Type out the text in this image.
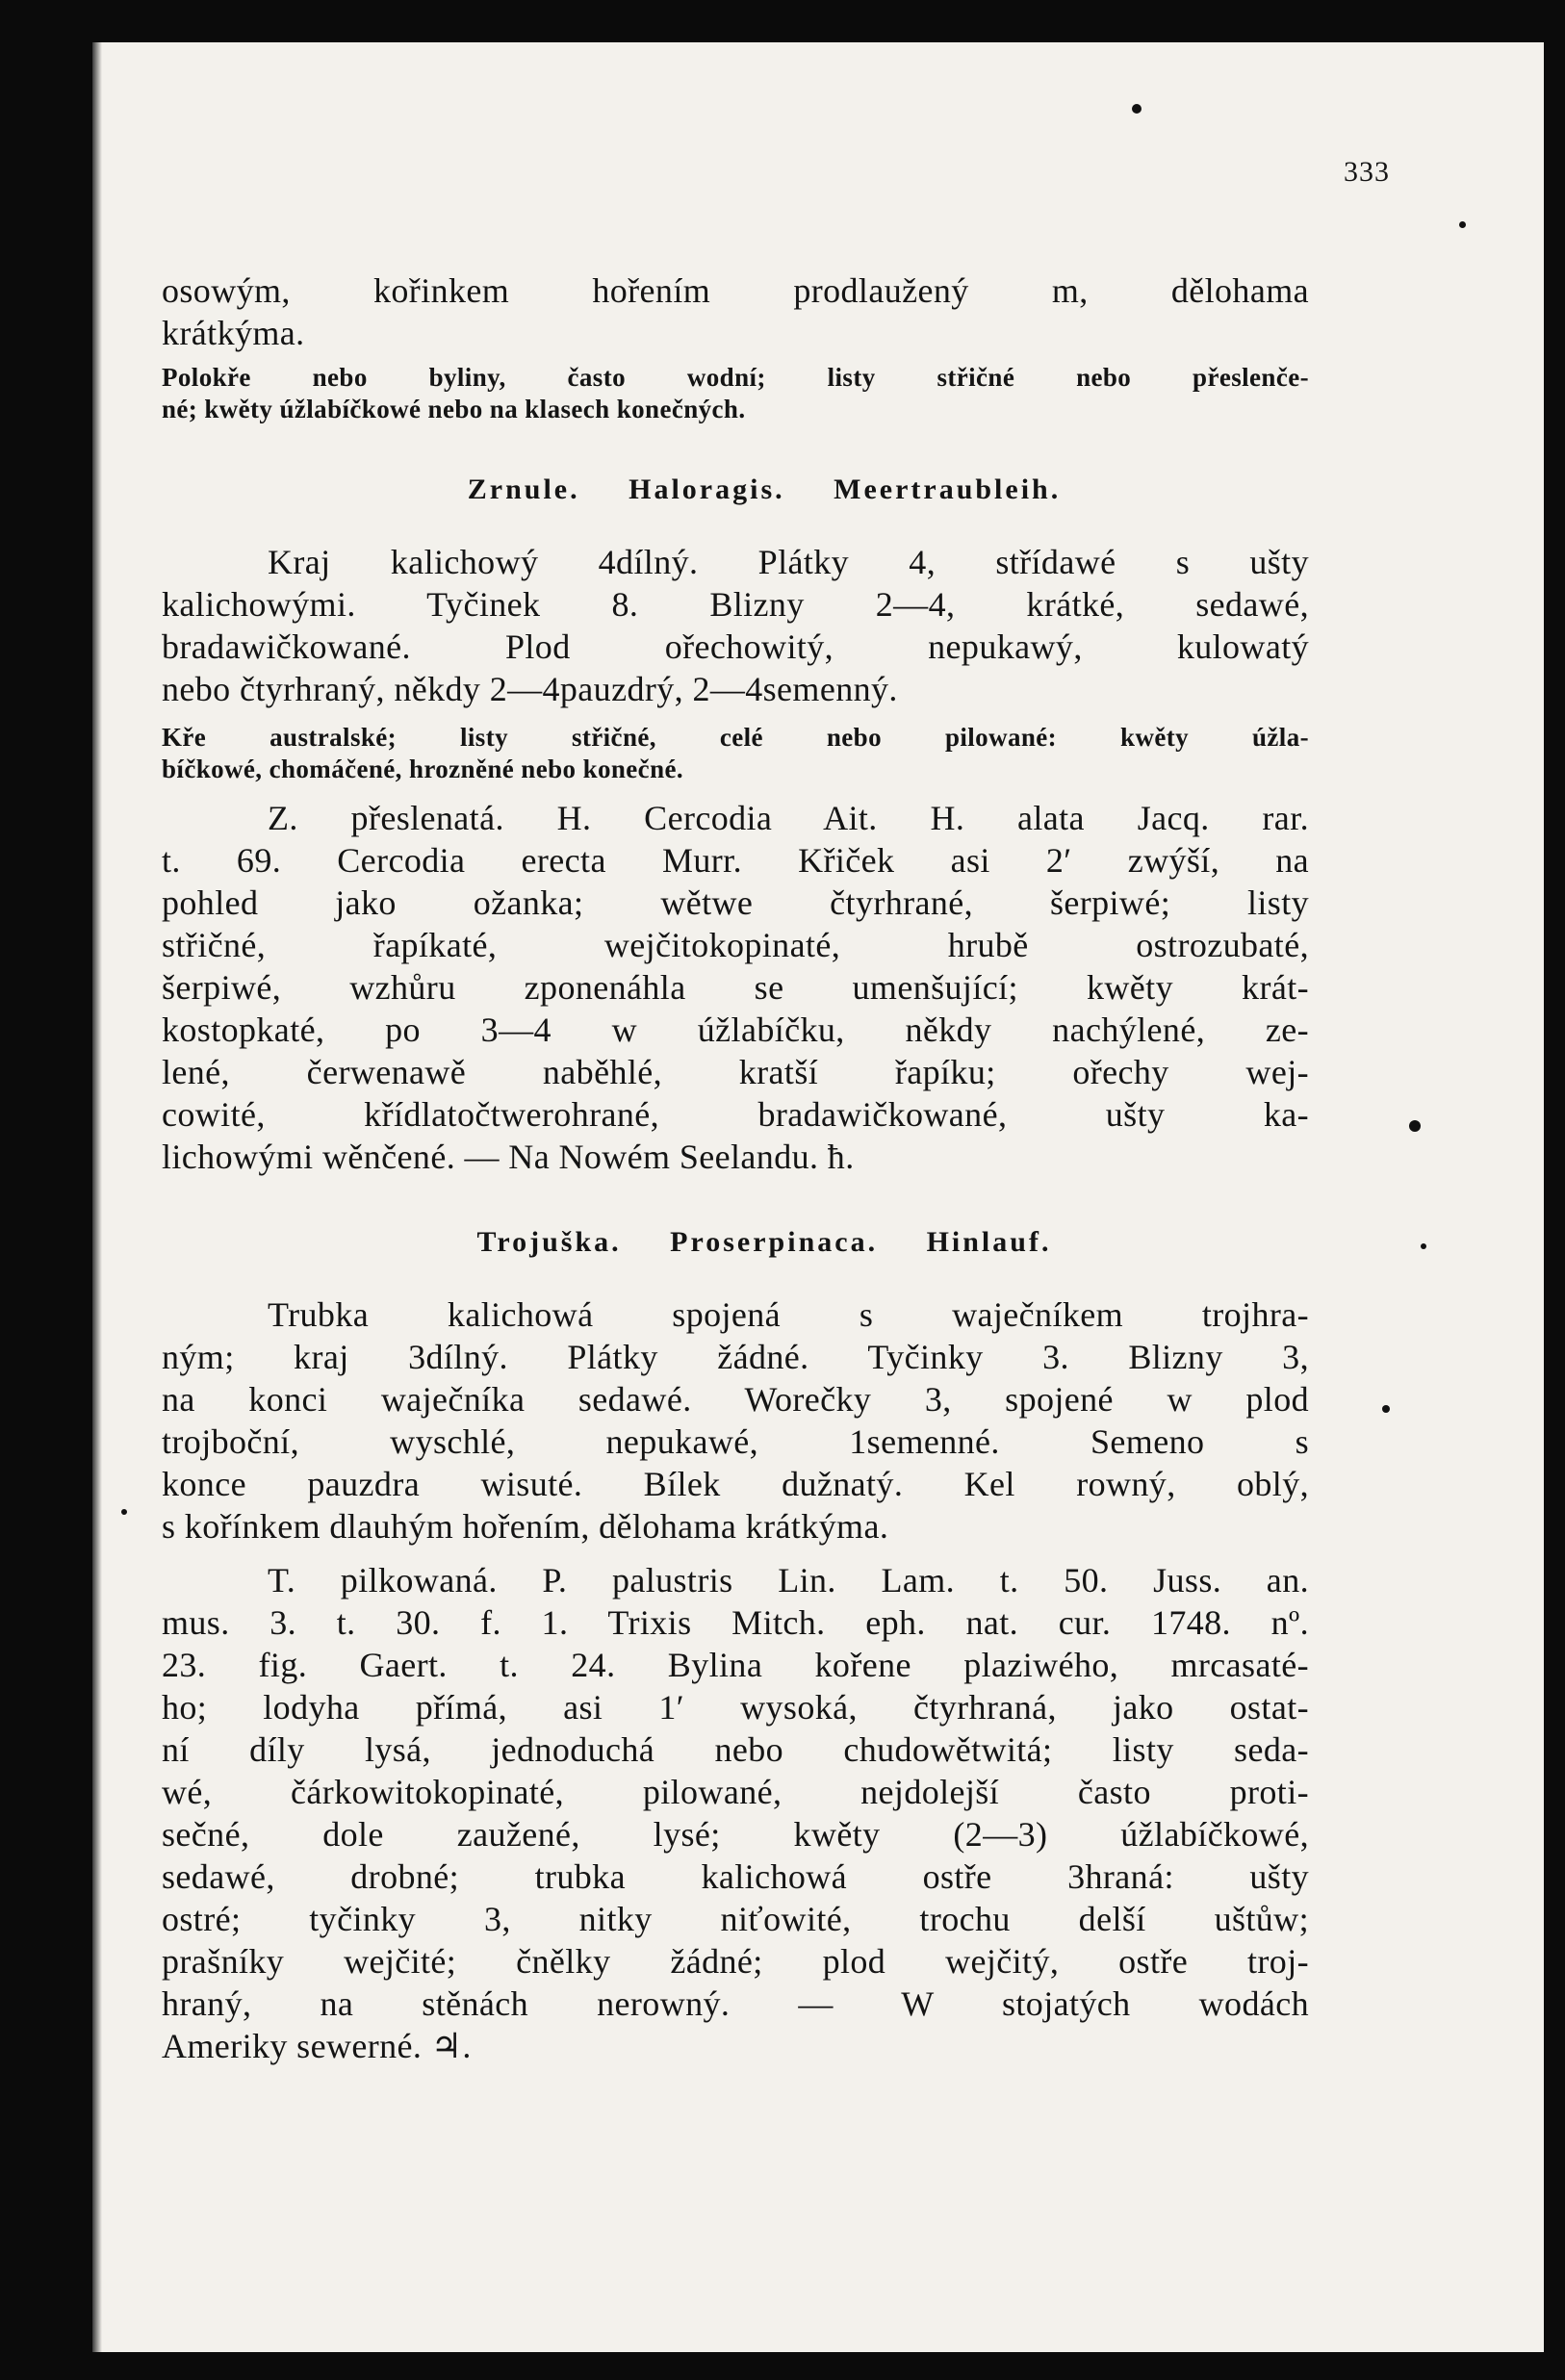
333
osowým, kořinkem hořením prodlaužený m, dělohama
krátkýma.
Polokře nebo byliny, často wodní; listy střičné nebo přeslenče-
né; kwěty úžlabíčkowé nebo na klasech konečných.
Zrnule. Haloragis. Meertraubleih.
Kraj kalichowý 4dílný. Plátky 4, střídawé s ušty
kalichowými. Tyčinek 8. Blizny 2—4, krátké, sedawé,
bradawičkowané. Plod ořechowitý, nepukawý, kulowatý
nebo čtyrhraný, někdy 2—4pauzdrý, 2—4semenný.
Kře australské; listy střičné, celé nebo pilowané: kwěty úžla-
bíčkowé, chomáčené, hrozněné nebo konečné.
Z. přeslenatá. H. Cercodia Ait. H. alata Jacq. rar.
t. 69. Cercodia erecta Murr. Křiček asi 2′ zwýší, na
pohled jako ožanka; wětwe čtyrhrané, šerpiwé; listy
střičné, řapíkaté, wejčitokopinaté, hrubě ostrozubaté,
šerpiwé, wzhůru zponenáhla se umenšující; kwěty krát-
kostopkaté, po 3—4 w úžlabíčku, někdy nachýlené, ze-
lené, čerwenawě naběhlé, kratší řapíku; ořechy wej-
cowité, křídlatočtwerohrané, bradawičkowané, ušty ka-
lichowými wěnčené. — Na Nowém Seelandu. ħ.
Trojuška. Proserpinaca. Hinlauf.
Trubka kalichowá spojená s waječníkem trojhra-
ným; kraj 3dílný. Plátky žádné. Tyčinky 3. Blizny 3,
na konci waječníka sedawé. Worečky 3, spojené w plod
trojboční, wyschlé, nepukawé, 1semenné. Semeno s
konce pauzdra wisuté. Bílek dužnatý. Kel rowný, oblý,
s kořínkem dlauhým hořením, dělohama krátkýma.
T. pilkowaná. P. palustris Lin. Lam. t. 50. Juss. an.
mus. 3. t. 30. f. 1. Trixis Mitch. eph. nat. cur. 1748. nº.
23. fig. Gaert. t. 24. Bylina kořene plaziwého, mrcasaté-
ho; lodyha přímá, asi 1′ wysoká, čtyrhraná, jako ostat-
ní díly lysá, jednoduchá nebo chudowětwitá; listy seda-
wé, čárkowitokopinaté, pilowané, nejdolejší často proti-
sečné, dole zaužené, lysé; kwěty (2—3) úžlabíčkowé,
sedawé, drobné; trubka kalichowá ostře 3hraná: ušty
ostré; tyčinky 3, nitky niťowité, trochu delší uštůw;
prašníky wejčité; čnělky žádné; plod wejčitý, ostře troj-
hraný, na stěnách nerowný. — W stojatých wodách
Ameriky sewerné. ♃.
